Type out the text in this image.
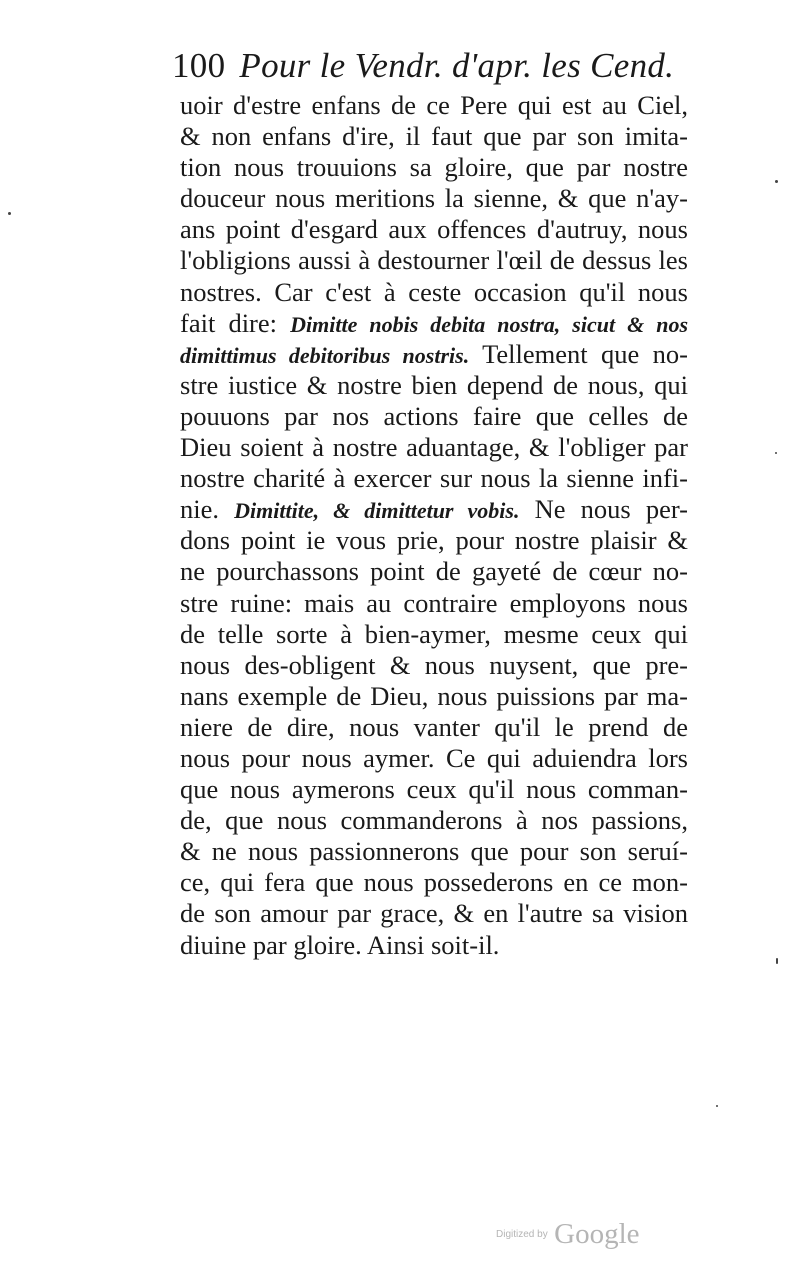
100 Pour le Vendr. d'apr. les Cend.
uoir d'estre enfans de ce Pere qui est au Ciel,
& non enfans d'ire, il faut que par son imita-
tion nous trouuions sa gloire, que par nostre
douceur nous meritions la sienne, & que n'ay-
ans point d'esgard aux offences d'autruy, nous
l'obligions aussi à destourner l'œil de dessus les
nostres. Car c'est à ceste occasion qu'il nous
fait dire: Dimitte nobis debita nostra, sicut & nos
dimittimus debitoribus nostris. Tellement que no-
stre iustice & nostre bien depend de nous, qui
pouuons par nos actions faire que celles de
Dieu soient à nostre aduantage, & l'obliger par
nostre charité à exercer sur nous la sienne infi-
nie. Dimittite, & dimittetur vobis. Ne nous per-
dons point ie vous prie, pour nostre plaisir &
ne pourchassons point de gayeté de cœur no-
stre ruine: mais au contraire employons nous
de telle sorte à bien-aymer, mesme ceux qui
nous des-obligent & nous nuysent, que pre-
nans exemple de Dieu, nous puissions par ma-
niere de dire, nous vanter qu'il le prend de
nous pour nous aymer. Ce qui aduiendra lors
que nous aymerons ceux qu'il nous comman-
de, que nous commanderons à nos passions,
& ne nous passionnerons que pour son seruí-
ce, qui fera que nous possederons en ce mon-
de son amour par grace, & en l'autre sa vision
diuine par gloire. Ainsi soit-il.
Digitized by Google
